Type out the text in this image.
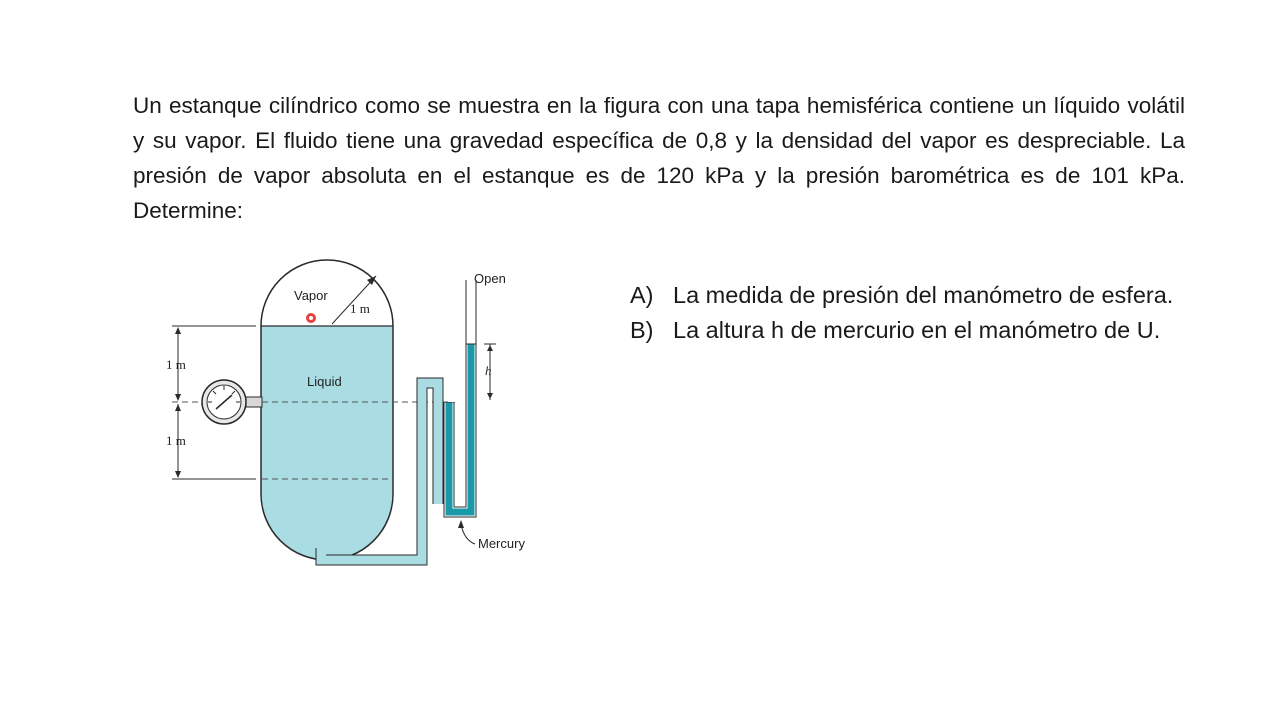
Un estanque cilíndrico como se muestra en la figura con una tapa hemisférica contiene un líquido volátil y su vapor. El fluido tiene una gravedad específica de 0,8 y la densidad del vapor es despreciable. La presión de vapor absoluta en el estanque es de 120 kPa y la presión barométrica es de 101 kPa. Determine:

Vapor
1 m
Liquid
Open
h
Mercury
1 m
1 m
A) La medida de presión del manómetro de esfera.
B) La altura h de mercurio en el manómetro de U.
